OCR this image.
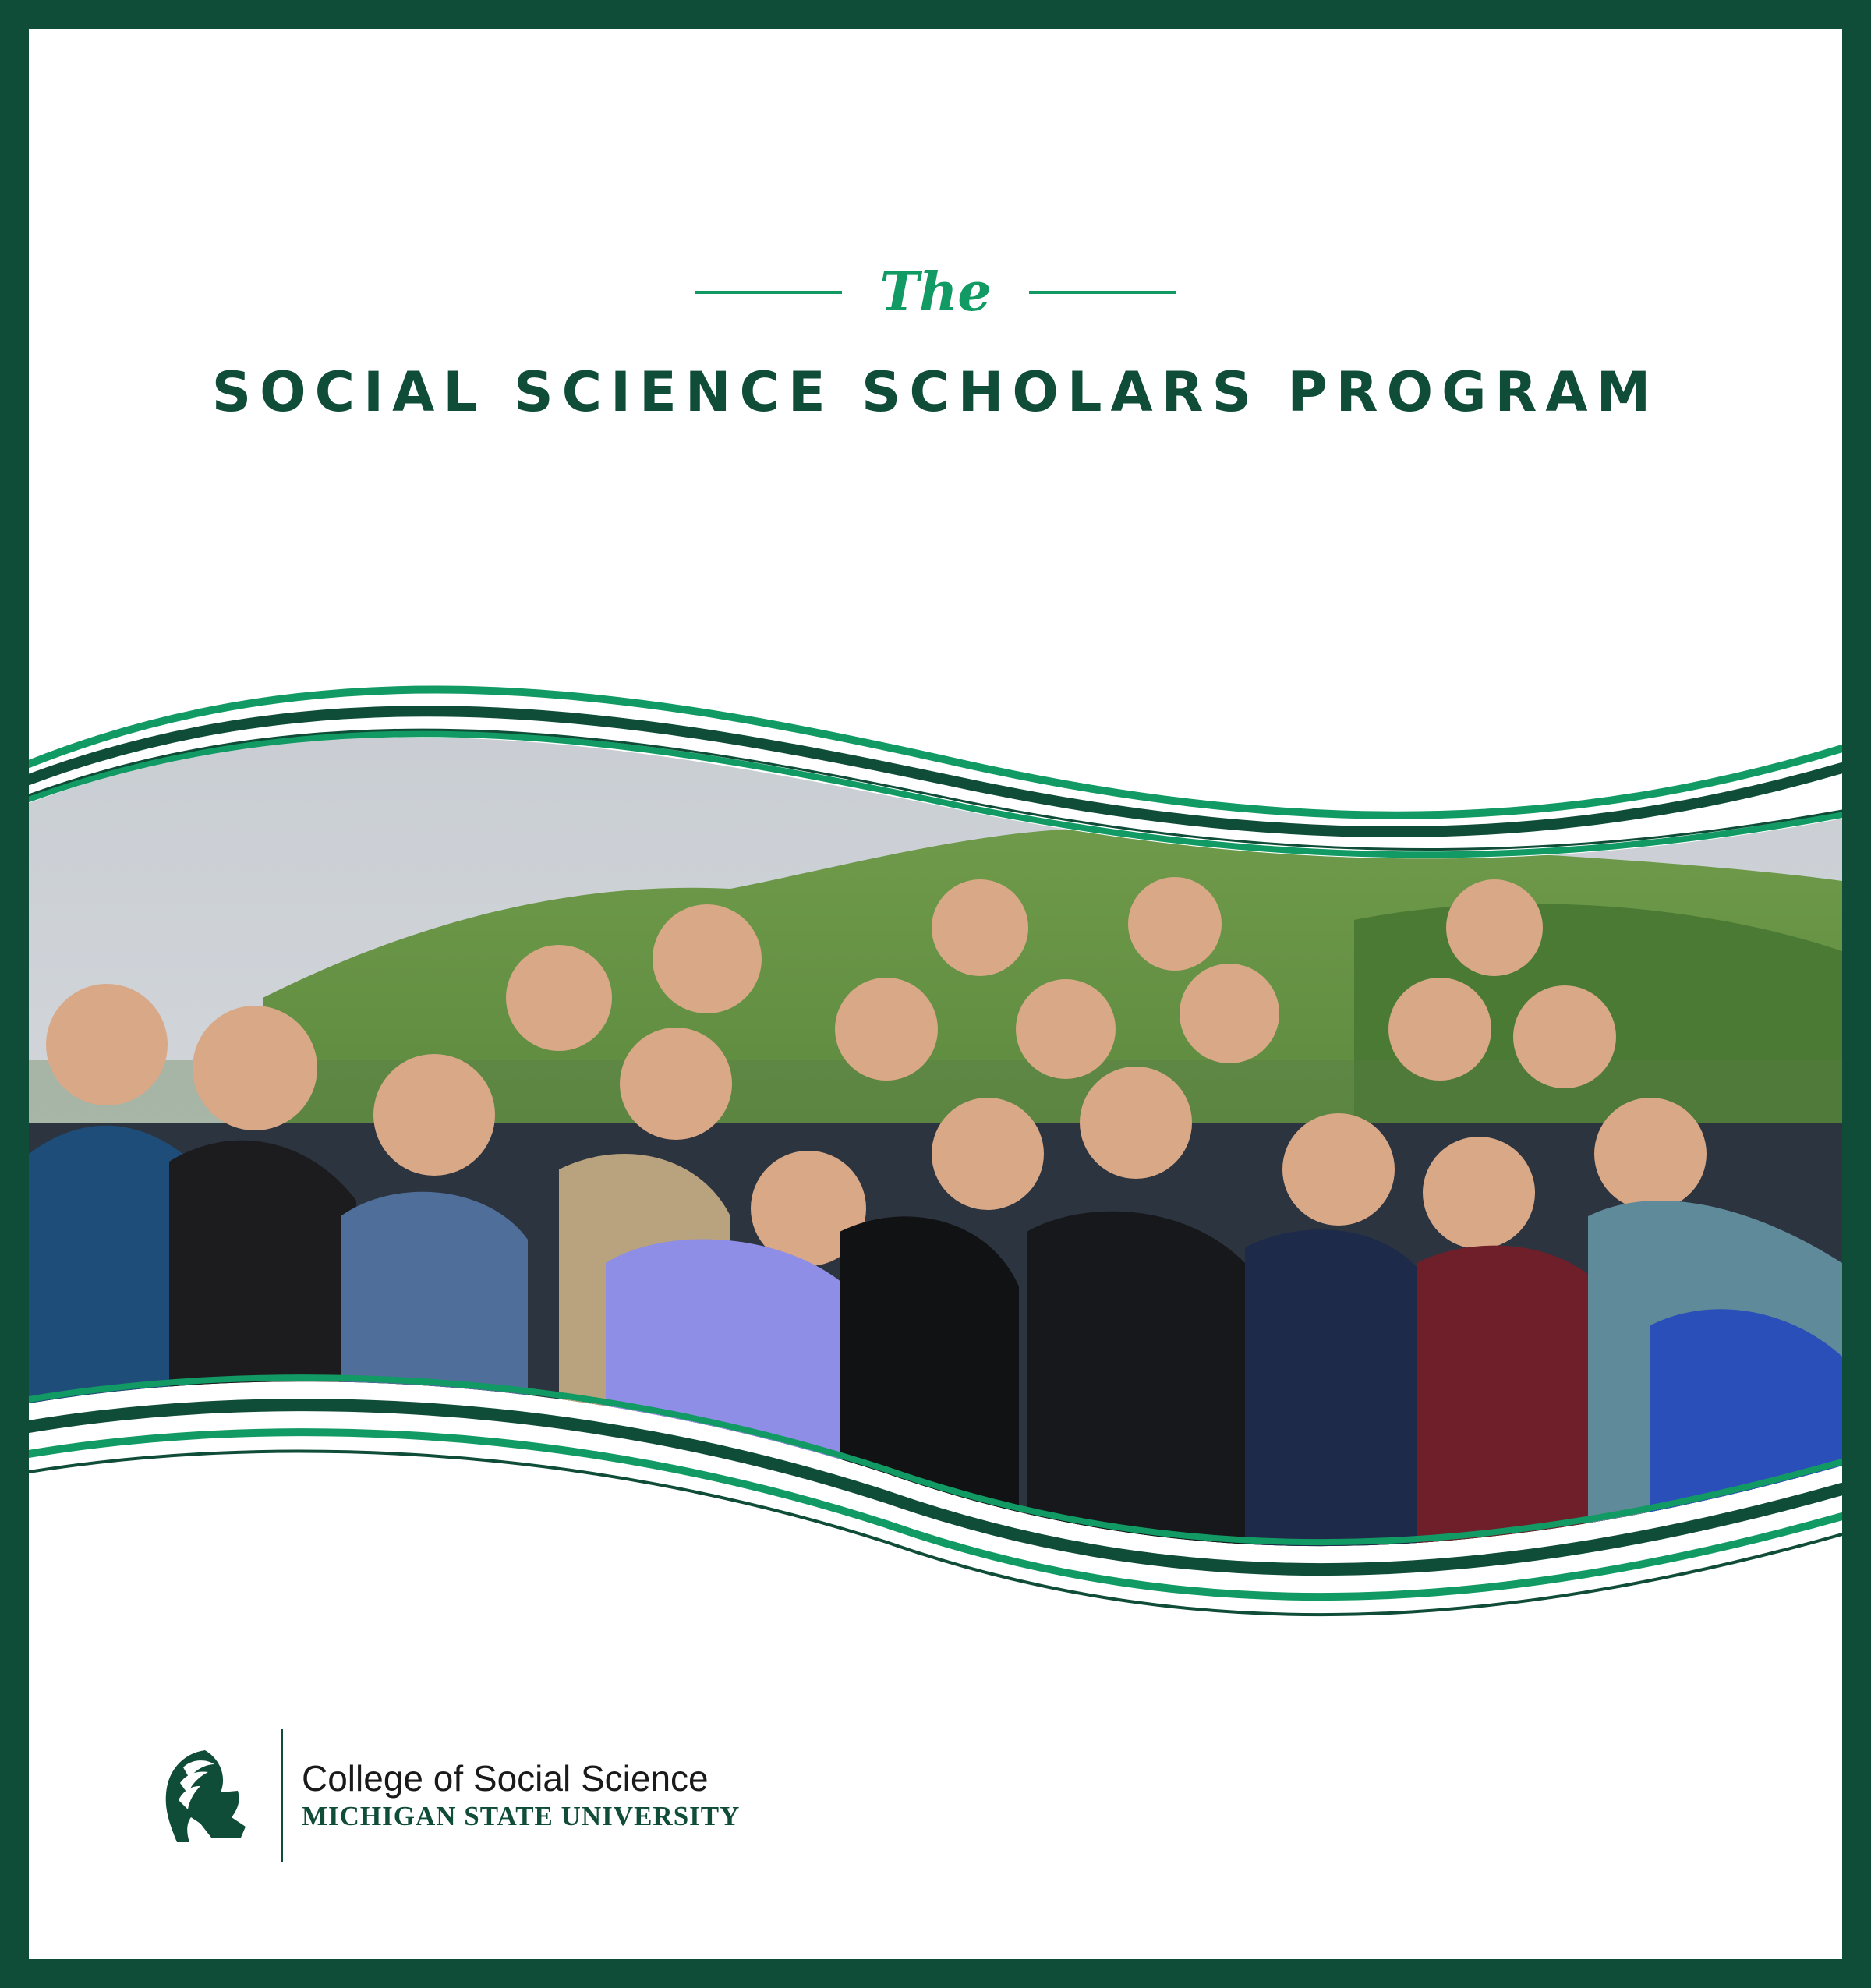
The
SOCIAL SCIENCE SCHOLARS PROGRAM
College of Social Science
MICHIGAN STATE UNIVERSITY
